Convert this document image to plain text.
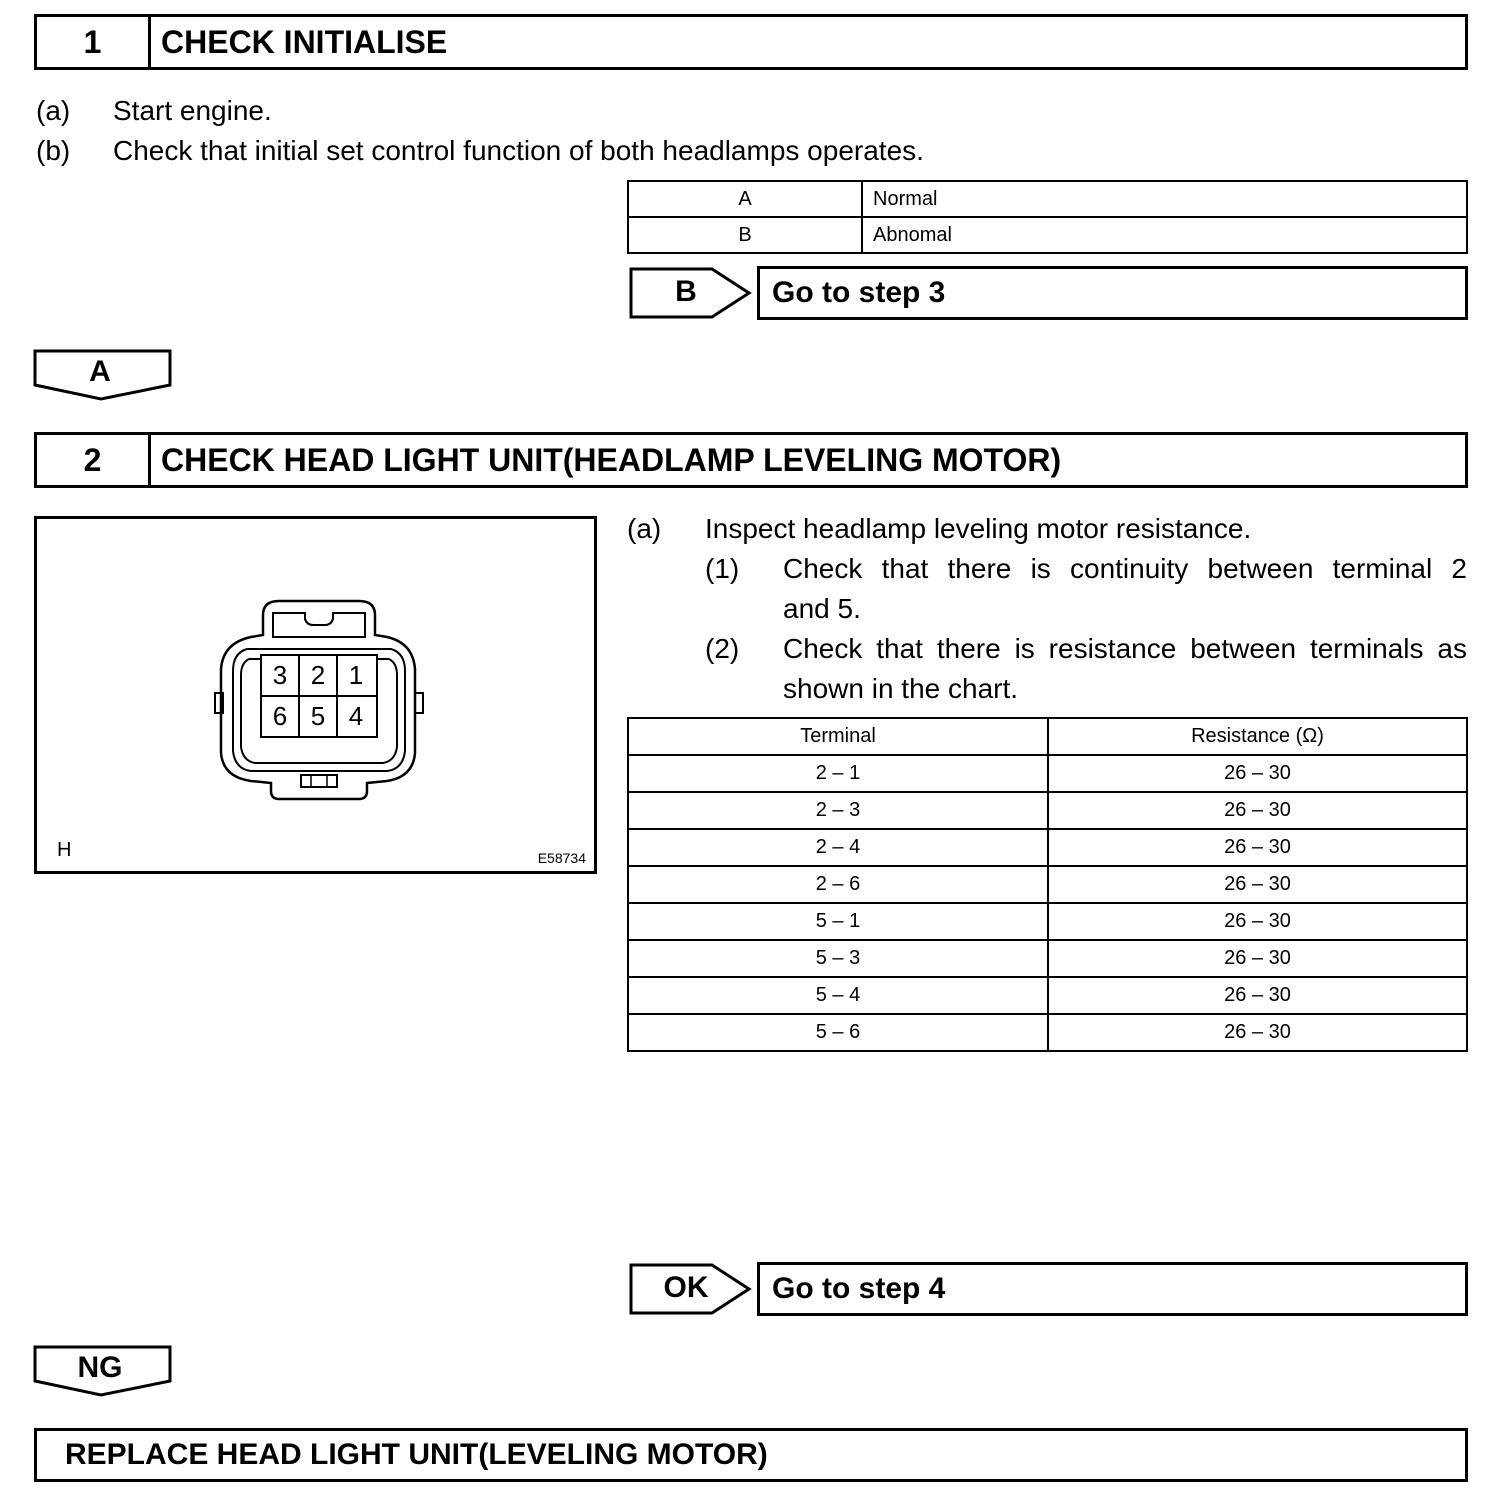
1	CHECK INITIALISE
(a) Start engine.
(b) Check that initial set control function of both headlamps operates.
A	Normal
B	Abnomal
B	Go to step 3
A
2	CHECK HEAD LIGHT UNIT(HEADLAMP LEVELING MOTOR)
3 2 1
6 5 4
H	E58734
(a) Inspect headlamp leveling motor resistance.
(1) Check that there is continuity between terminal 2
and 5.
(2) Check that there is resistance between terminals as
shown in the chart.
Terminal	Resistance (Ω)
2 – 1	26 – 30
2 – 3	26 – 30
2 – 4	26 – 30
2 – 6	26 – 30
5 – 1	26 – 30
5 – 3	26 – 30
5 – 4	26 – 30
5 – 6	26 – 30
OK	Go to step 4
NG
REPLACE HEAD LIGHT UNIT(LEVELING MOTOR)
